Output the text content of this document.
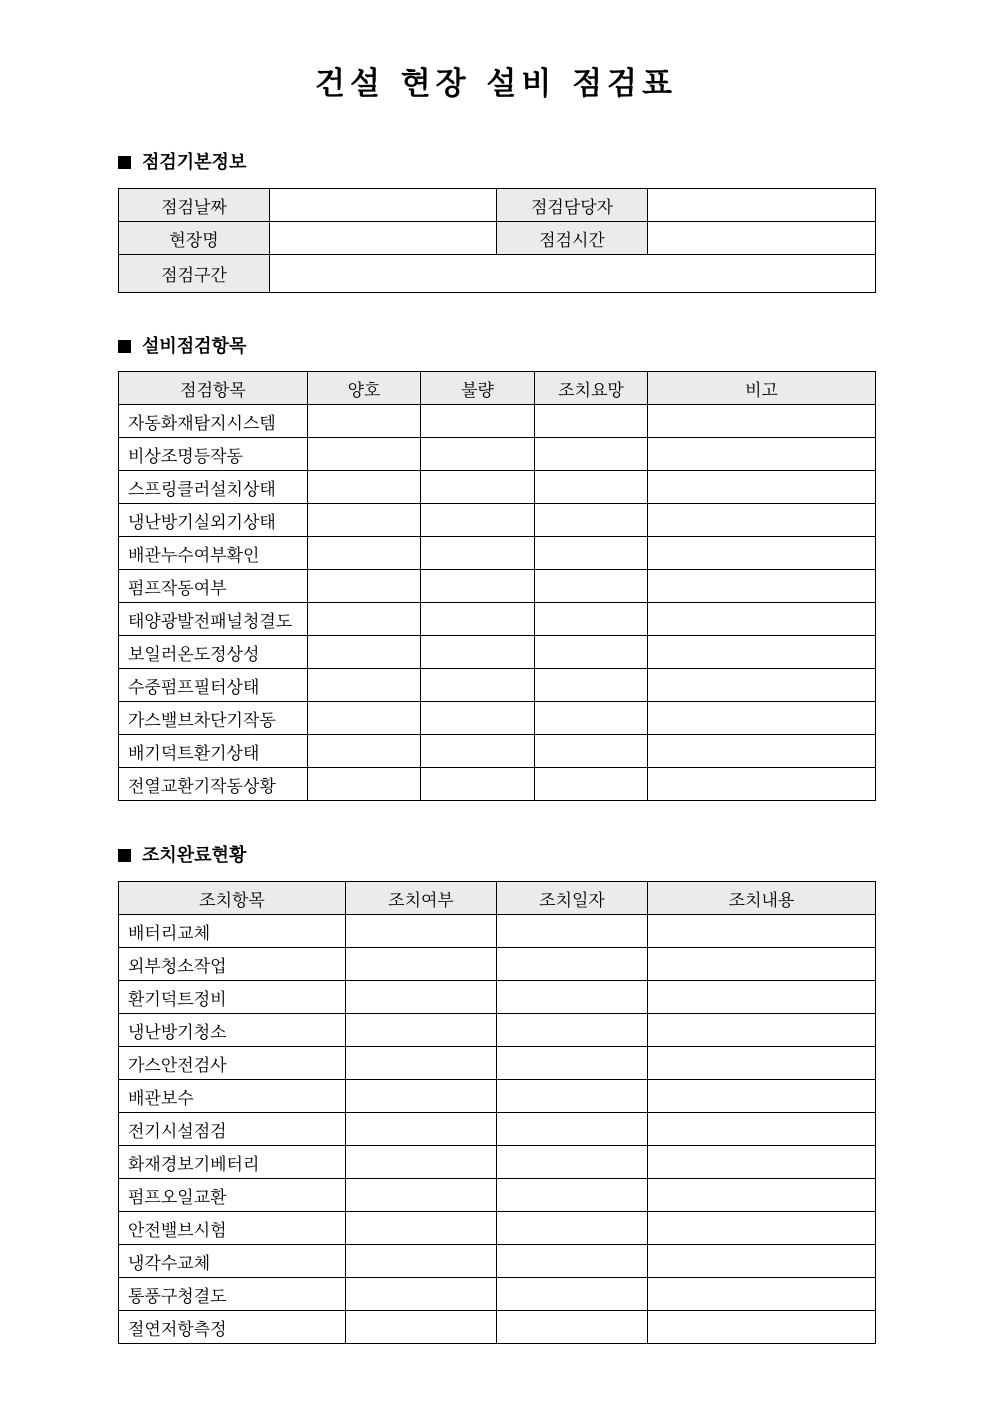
건설 현장 설비 점검표
점검기본정보
점검날짜		점검담당자	
현장명		점검시간	
점검구간			
설비점검항목
점검항목	양호	불량	조치요망	비고
자동화재탐지시스템				
비상조명등작동				
스프링클러설치상태				
냉난방기실외기상태				
배관누수여부확인				
펌프작동여부				
태양광발전패널청결도				
보일러온도정상성				
수중펌프필터상태				
가스밸브차단기작동				
배기덕트환기상태				
전열교환기작동상황				
조치완료현황
조치항목	조치여부	조치일자	조치내용
배터리교체			
외부청소작업			
환기덕트정비			
냉난방기청소			
가스안전검사			
배관보수			
전기시설점검			
화재경보기베터리			
펌프오일교환			
안전밸브시험			
냉각수교체			
통풍구청결도			
절연저항측정			
